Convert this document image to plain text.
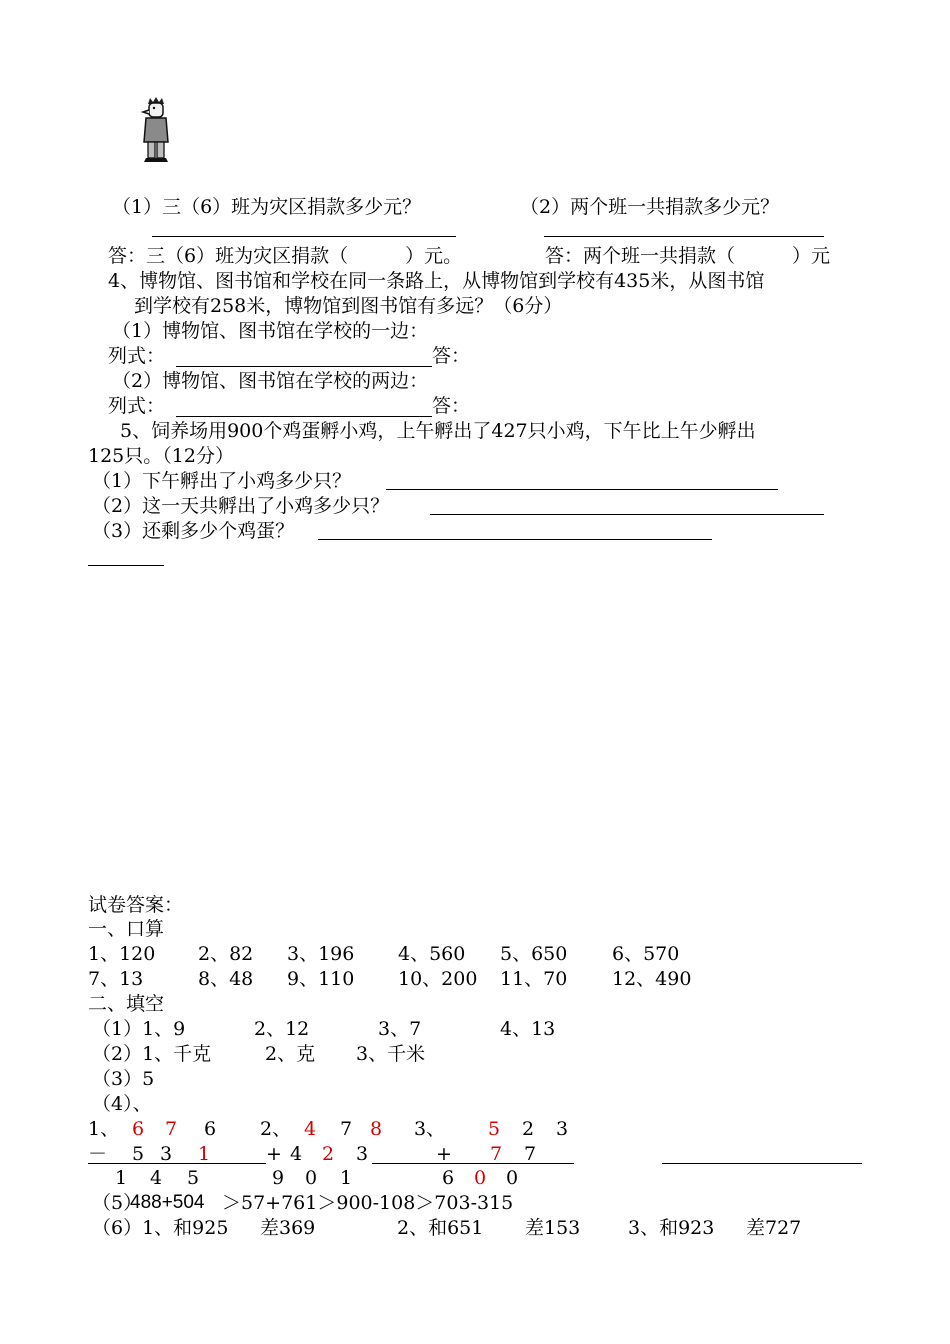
（1）三（6）班为灾区捐款多少元？	（2）两个班一共捐款多少元？
答：三（6）班为灾区捐款（　　　）元。	答：两个班一共捐款（　　　）元
4、博物馆、图书馆和学校在同一条路上，从博物馆到学校有435米，从图书馆
到学校有258米，博物馆到图书馆有多远？（6分）
（1）博物馆、图书馆在学校的一边：
列式：	答：
（2）博物馆、图书馆在学校的两边：
列式：	答：
5、饲养场用900个鸡蛋孵小鸡，上午孵出了427只小鸡，下午比上午少孵出
125只。（12分）
（1）下午孵出了小鸡多少只？
（2）这一天共孵出了小鸡多少只？
（3）还剩多少个鸡蛋？
试卷答案：
一、口算
1、120 2、82 3、196 4、560 5、650 6、570
7、13	8、48 9、110 10、200 11、70 12、490
二、填空
（1）1、9	2、12	3、7	4、13
（2）1、千克	2、克 3、千米
（3）5
（4）、
1、 6 7 6
－ 5 3 1
1 4 5
2、 4 7 8
+ 4 2 3
9 0 1
3、 5 2 3
+ 7 7
6 0 0
（5）
488+504 ＞57+761＞900-108＞703-315
（6）1、和925 差369	2、和651 差153	3、和923 差727
